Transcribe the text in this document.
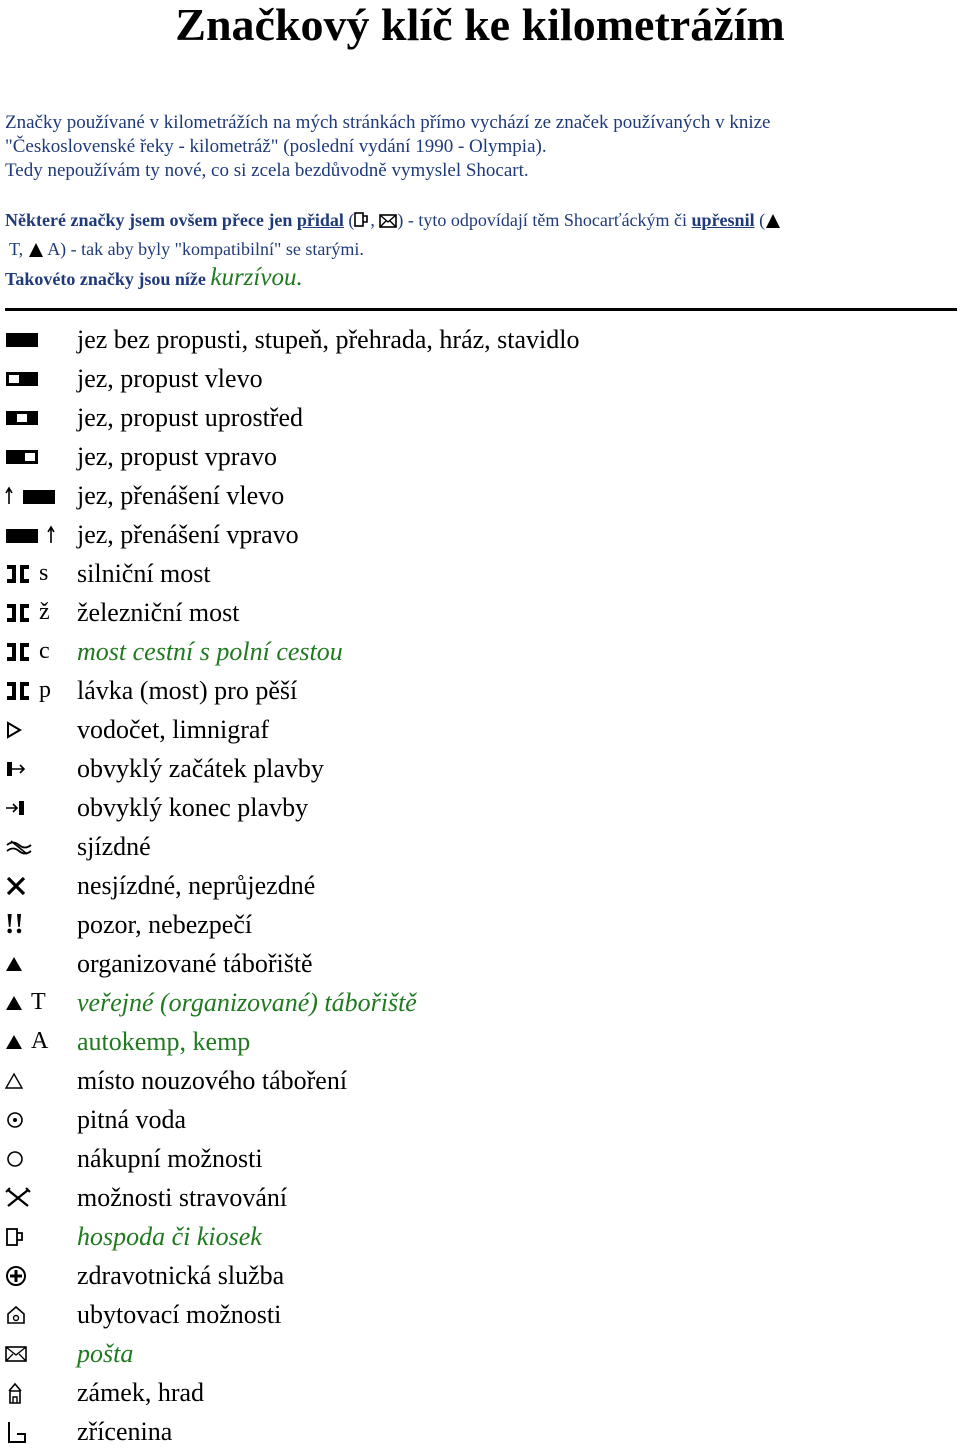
Značkový klíč ke kilometrážím
Značky používané v kilometrážích na mých stránkách přímo vychází ze značek používaných v knize
"Československé řeky - kilometráž" (poslední vydání 1990 - Olympia).
Tedy nepoužívám ty nové, co si zcela bezdůvodně vymyslel Shocart.
Některé značky jsem ovšem přece jen přidal ( , ) - tyto odpovídají těm Shocarťáckým či upřesnil (
T, A) - tak aby byly "kompatibilní" se starými.
Takovéto značky jsou níže kurzívou.
jez bez propusti, stupeň, přehrada, hráz, stavidlo
jez, propust vlevo
jez, propust uprostřed
jez, propust vpravo
jez, přenášení vlevo
jez, přenášení vpravo
s silniční most
ž železniční most
c most cestní s polní cestou
p lávka (most) pro pěší
vodočet, limnigraf
obvyklý začátek plavby
obvyklý konec plavby
sjízdné
nesjízdné, neprůjezdné
!! pozor, nebezpečí
organizované tábořiště
T veřejné (organizované) tábořiště
A autokemp, kemp
místo nouzového táboření
pitná voda
nákupní možnosti
možnosti stravování
hospoda či kiosek
zdravotnická služba
ubytovací možnosti
pošta
zámek, hrad
zřícenina
